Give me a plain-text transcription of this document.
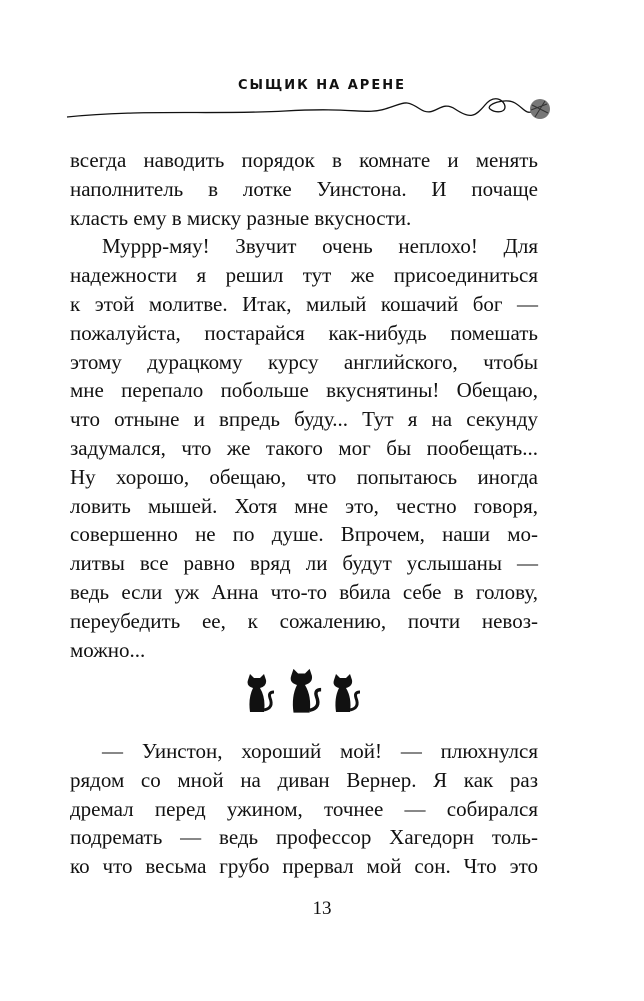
СЫЩИК НА АРЕНЕ
всегда наводить порядок в комнате и менять
наполнитель в лотке Уинстона. И почаще
класть ему в миску разные вкусности.
Муррр-мяу! Звучит очень неплохо! Для
надежности я решил тут же присоединиться
к этой молитве. Итак, милый кошачий бог —
пожалуйста, постарайся как-нибудь помешать
этому дурацкому курсу английского, чтобы
мне перепало побольше вкуснятины! Обещаю,
что отныне и впредь буду... Тут я на секунду
задумался, что же такого мог бы пообещать...
Ну хорошо, обещаю, что попытаюсь иногда
ловить мышей. Хотя мне это, честно говоря,
совершенно не по душе. Впрочем, наши мо-
литвы все равно вряд ли будут услышаны —
ведь если уж Анна что-то вбила себе в голову,
переубедить ее, к сожалению, почти невоз-
можно...
— Уинстон, хороший мой! — плюхнулся
рядом со мной на диван Вернер. Я как раз
дремал перед ужином, точнее — собирался
подремать — ведь профессор Хагедорн толь-
ко что весьма грубо прервал мой сон. Что это
13
